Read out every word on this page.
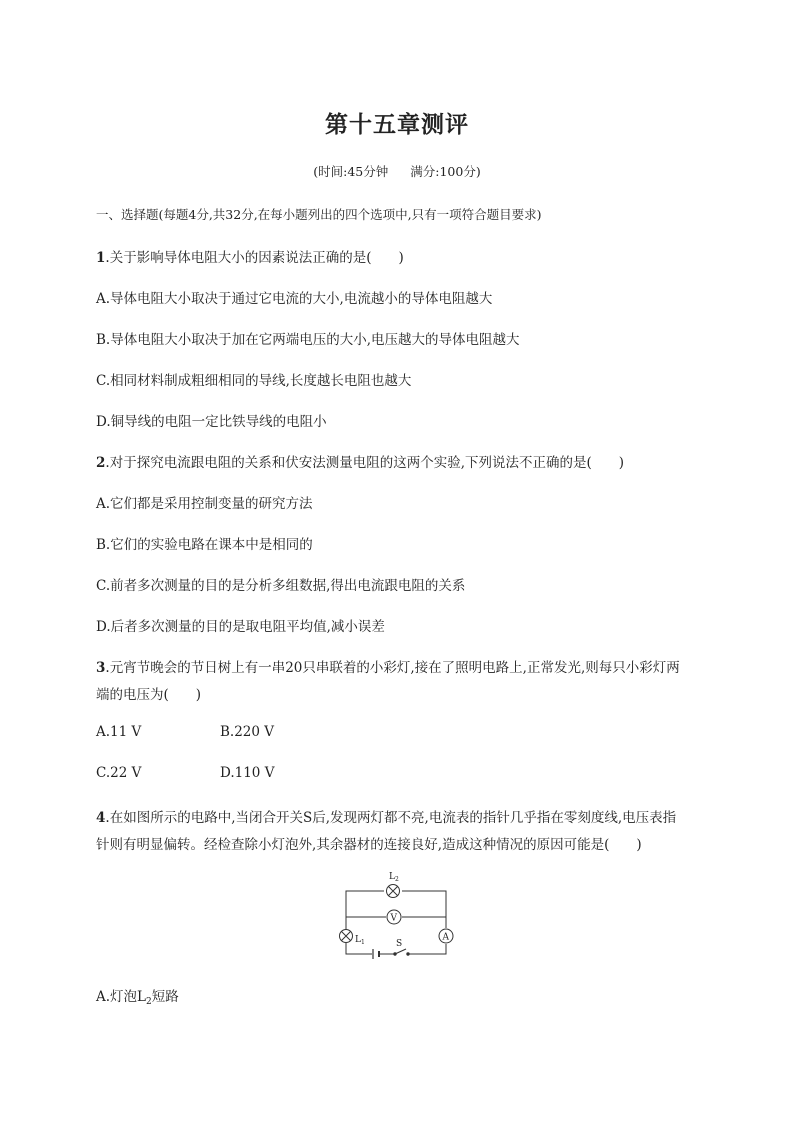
第十五章测评
(时间:45分钟 满分:100分)
一、选择题(每题4分,共32分,在每小题列出的四个选项中,只有一项符合题目要求)
1.关于影响导体电阻大小的因素说法正确的是(　　)
A.导体电阻大小取决于通过它电流的大小,电流越小的导体电阻越大
B.导体电阻大小取决于加在它两端电压的大小,电压越大的导体电阻越大
C.相同材料制成粗细相同的导线,长度越长电阻也越大
D.铜导线的电阻一定比铁导线的电阻小
2.对于探究电流跟电阻的关系和伏安法测量电阻的这两个实验,下列说法不正确的是(　　)
A.它们都是采用控制变量的研究方法
B.它们的实验电路在课本中是相同的
C.前者多次测量的目的是分析多组数据,得出电流跟电阻的关系
D.后者多次测量的目的是取电阻平均值,减小误差
3.元宵节晚会的节日树上有一串20只串联着的小彩灯,接在了照明电路上,正常发光,则每只小彩灯两
端的电压为(　　)
A.11 V	B.220 V
C.22 V	D.110 V
4.在如图所示的电路中,当闭合开关S后,发现两灯都不亮,电流表的指针几乎指在零刻度线,电压表指
针则有明显偏转。经检查除小灯泡外,其余器材的连接良好,造成这种情况的原因可能是(　　)
$L_2$
V
$L_1$	A
S
A.灯泡$L_2$短路
